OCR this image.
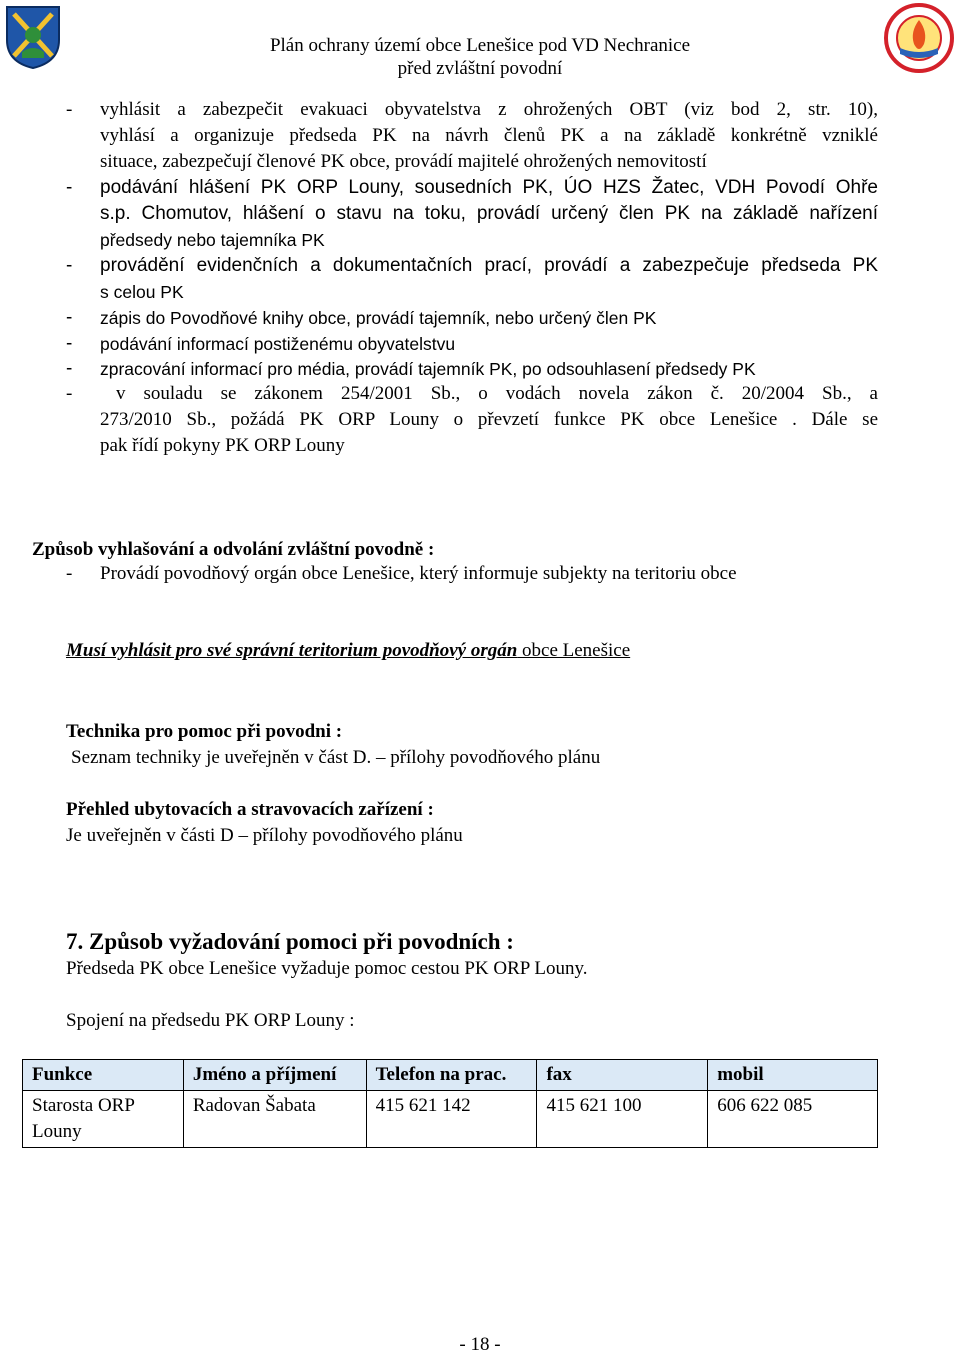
Plán ochrany území obce Lenešice pod VD Nechranice
před zvláštní povodní
- vyhlásit a zabezpečit evakuaci obyvatelstva z ohrožených OBT (viz bod 2, str. 10),
vyhlásí a organizuje předseda PK na návrh členů PK a na základě konkrétně vzniklé
situace, zabezpečují členové PK obce, provádí majitelé ohrožených nemovitostí
- podávání hlášení PK ORP Louny, sousedních PK, ÚO HZS Žatec, VDH Povodí Ohře
s.p. Chomutov, hlášení o stavu na toku, provádí určený člen PK na základě nařízení
předsedy nebo tajemníka PK
- provádění evidenčních a dokumentačních prací, provádí a zabezpečuje předseda PK
s celou PK
- zápis do Povodňové knihy obce, provádí tajemník, nebo určený člen PK
- podávání informací postiženému obyvatelstvu
- zpracování informací pro média, provádí tajemník PK, po odsouhlasení předsedy PK
- v souladu se zákonem 254/2001 Sb., o vodách novela zákon č. 20/2004 Sb., a
273/2010 Sb., požádá PK ORP Louny o převzetí funkce PK obce Lenešice . Dále se
pak řídí pokyny PK ORP Louny
Způsob vyhlašování a odvolání zvláštní povodně :
- Provádí povodňový orgán obce Lenešice, který informuje subjekty na teritoriu obce
Musí vyhlásit pro své správní teritorium povodňový orgán obce Lenešice
Technika pro pomoc při povodni :
Seznam techniky je uveřejněn v část D. – přílohy povodňového plánu
Přehled ubytovacích a stravovacích zařízení :
Je uveřejněn v části D – přílohy povodňového plánu
7. Způsob vyžadování pomoci při povodních :
Předseda PK obce Lenešice vyžaduje pomoc cestou PK ORP Louny.
Spojení na předsedu PK ORP Louny :
Funkce	Jméno a příjmení	Telefon na prac.	fax	mobil
Starosta ORP Louny	Radovan Šabata	415 621 142	415 621 100	606 622 085
- 18 -
